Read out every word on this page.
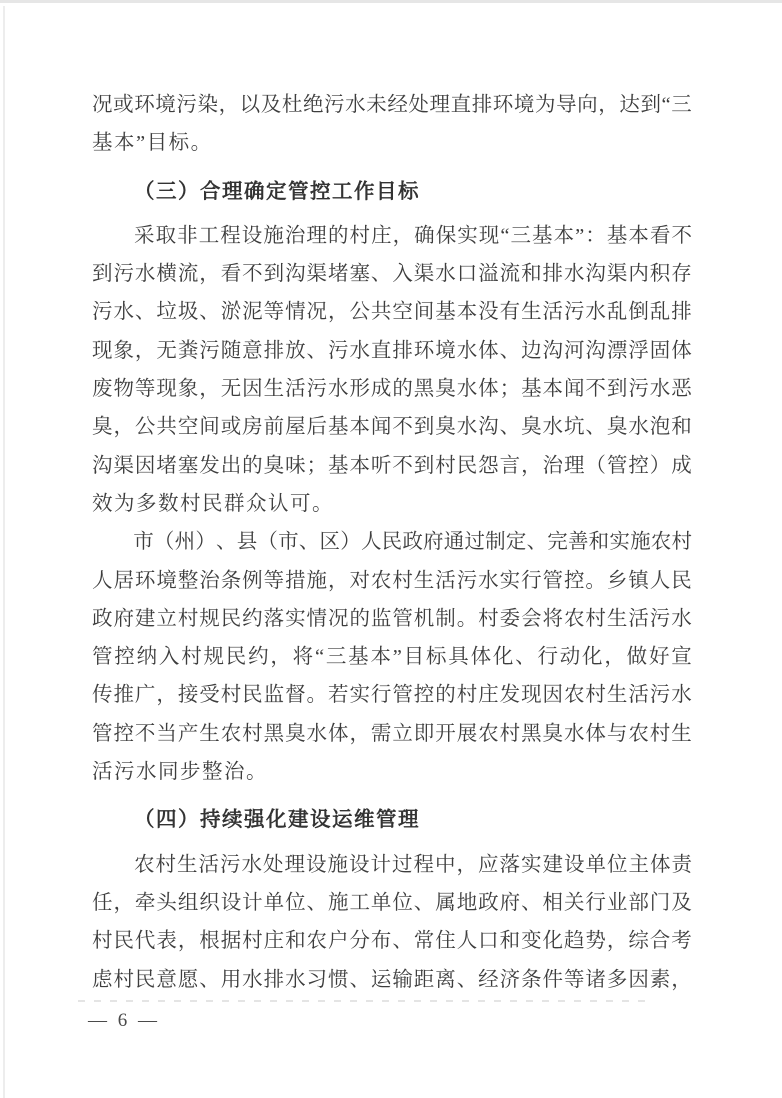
况 或 环 境 污 染 ， 以 及 杜 绝 污 水 未 经 处 理 直 排 环 境 为 导 向 ， 达 到 “ 三
基本”目标。
（三）合理确定管控工作目标
采 取 非 工 程 设 施 治 理 的 村 庄 ， 确 保 实 现 “ 三 基 本 ” ： 基 本 看 不
到 污 水 横 流 ， 看 不 到 沟 渠 堵 塞 、 入 渠 水 口 溢 流 和 排 水 沟 渠 内 积 存
污 水 、 垃 圾 、 淤 泥 等 情 况 ， 公 共 空 间 基 本 没 有 生 活 污 水 乱 倒 乱 排
现 象 ， 无 粪 污 随 意 排 放 、 污 水 直 排 环 境 水 体 、 边 沟 河 沟 漂 浮 固 体
废 物 等 现 象 ， 无 因 生 活 污 水 形 成 的 黑 臭 水 体 ； 基 本 闻 不 到 污 水 恶
臭 ， 公 共 空 间 或 房 前 屋 后 基 本 闻 不 到 臭 水 沟 、 臭 水 坑 、 臭 水 泡 和
沟 渠 因 堵 塞 发 出 的 臭 味 ； 基 本 听 不 到 村 民 怨 言 ， 治 理 （ 管 控 ） 成
效为多数村民群众认可。
市 （ 州 ） 、 县 （ 市 、 区 ） 人 民 政 府 通 过 制 定 、 完 善 和 实 施 农 村
人 居 环 境 整 治 条 例 等 措 施 ， 对 农 村 生 活 污 水 实 行 管 控 。 乡 镇 人 民
政 府 建 立 村 规 民 约 落 实 情 况 的 监 管 机 制 。 村 委 会 将 农 村 生 活 污 水
管 控 纳 入 村 规 民 约 ， 将 “ 三 基 本 ” 目 标 具 体 化 、 行 动 化 ， 做 好 宣
传 推 广 ， 接 受 村 民 监 督 。 若 实 行 管 控 的 村 庄 发 现 因 农 村 生 活 污 水
管 控 不 当 产 生 农 村 黑 臭 水 体 ， 需 立 即 开 展 农 村 黑 臭 水 体 与 农 村 生
活污水同步整治。
（四）持续强化建设运维管理
农 村 生 活 污 水 处 理 设 施 设 计 过 程 中 ， 应 落 实 建 设 单 位 主 体 责
任 ， 牵 头 组 织 设 计 单 位 、 施 工 单 位 、 属 地 政 府 、 相 关 行 业 部 门 及
村 民 代 表 ， 根 据 村 庄 和 农 户 分 布 、 常 住 人 口 和 变 化 趋 势 ， 综 合 考
虑 村 民 意 愿 、 用 水 排 水 习 惯 、 运 输 距 离 、 经 济 条 件 等 诸 多 因 素 ，
— 6 —
